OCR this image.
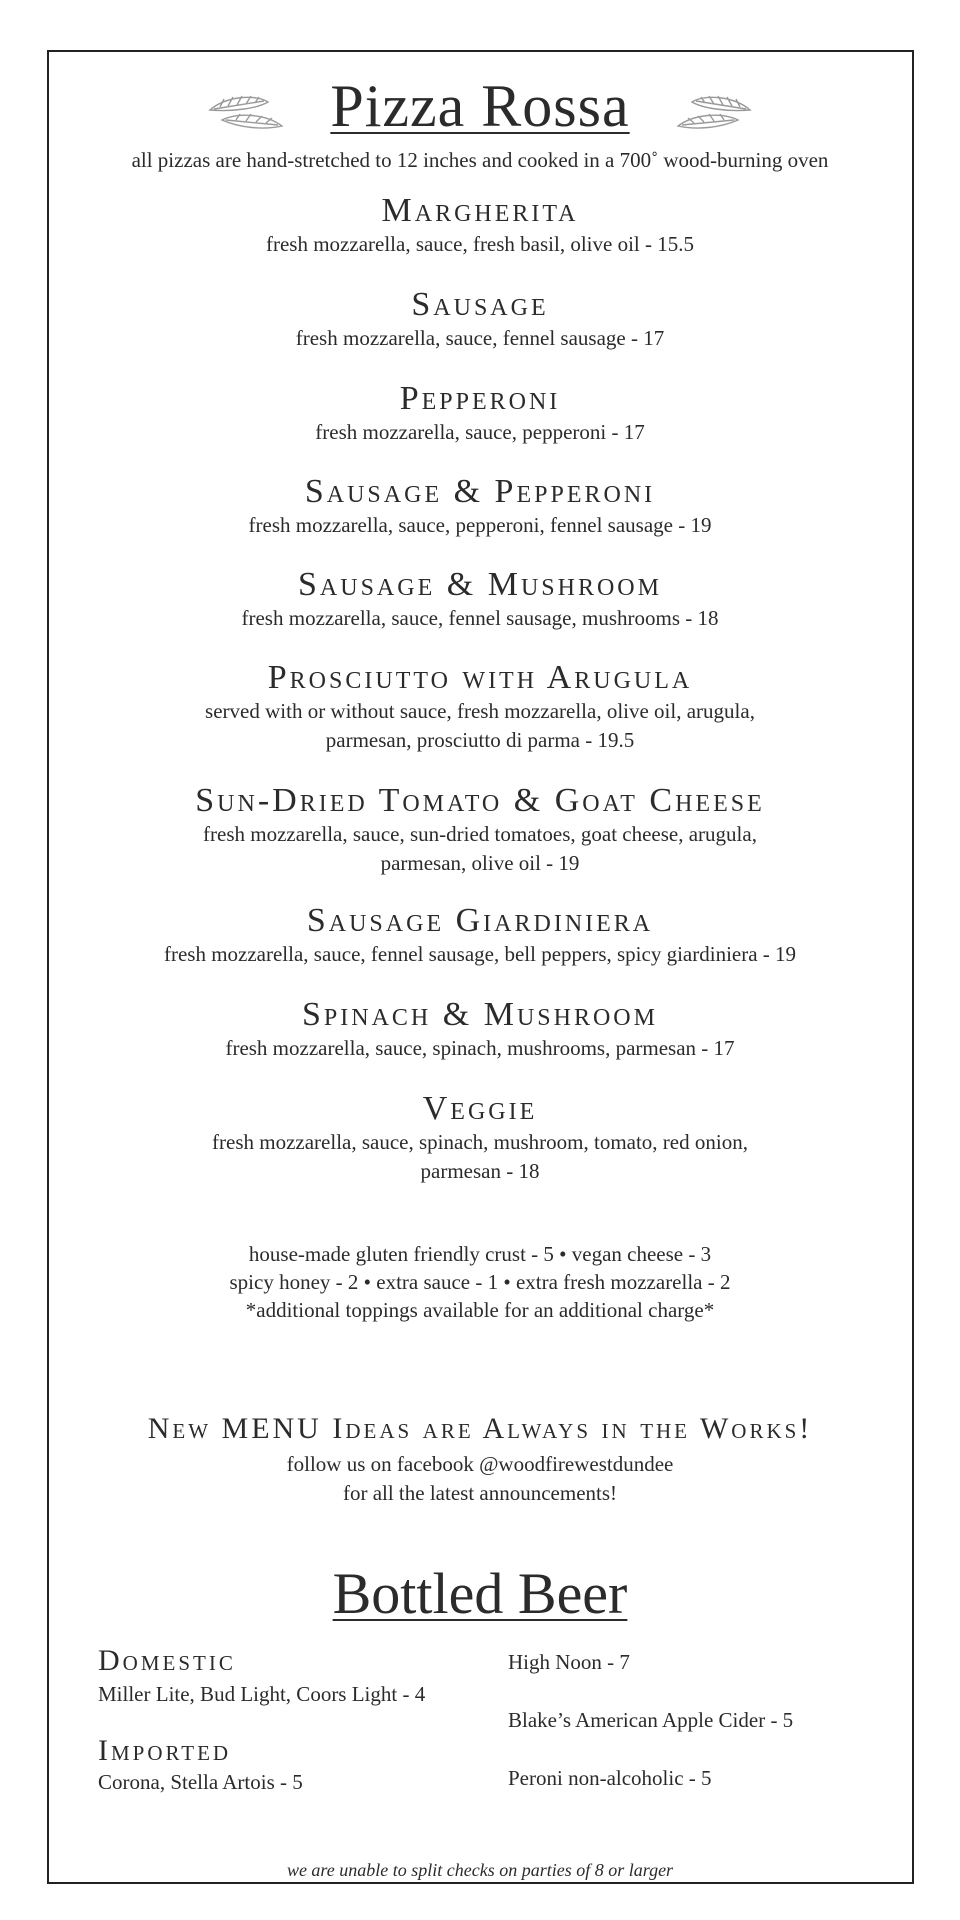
Pizza Rossa
all pizzas are hand-stretched to 12 inches and cooked in a 700˚ wood-burning oven

Margherita

fresh mozzarella, sauce, fresh basil, olive oil - 15.5

Sausage

fresh mozzarella, sauce, fennel sausage - 17

Pepperoni

fresh mozzarella, sauce, pepperoni - 17

Sausage & Pepperoni

fresh mozzarella, sauce, pepperoni, fennel sausage - 19

Sausage & Mushroom

fresh mozzarella, sauce, fennel sausage, mushrooms - 18

Prosciutto with Arugula

served with or without sauce, fresh mozzarella, olive oil, arugula,

parmesan, prosciutto di parma - 19.5

Sun-Dried Tomato & Goat Cheese

fresh mozzarella, sauce, sun-dried tomatoes, goat cheese, arugula,

parmesan, olive oil - 19

Sausage Giardiniera

fresh mozzarella, sauce, fennel sausage, bell peppers, spicy giardiniera - 19

Spinach & Mushroom

fresh mozzarella, sauce, spinach, mushrooms, parmesan - 17

Veggie

fresh mozzarella, sauce, spinach, mushroom, tomato, red onion,

parmesan - 18

house-made gluten friendly crust - 5 • vegan cheese - 3
spicy honey - 2 • extra sauce - 1 • extra fresh mozzarella - 2
*additional toppings available for an additional charge*
New MENU Ideas are Always in the Works!
follow us on facebook @woodfirewestdundee
for all the latest announcements!
Bottled Beer
Domestic
Miller Lite, Bud Light, Coors Light - 4
Imported
Corona, Stella Artois - 5
High Noon - 7
Blake’s American Apple Cider - 5
Peroni non-alcoholic - 5
we are unable to split checks on parties of 8 or larger
